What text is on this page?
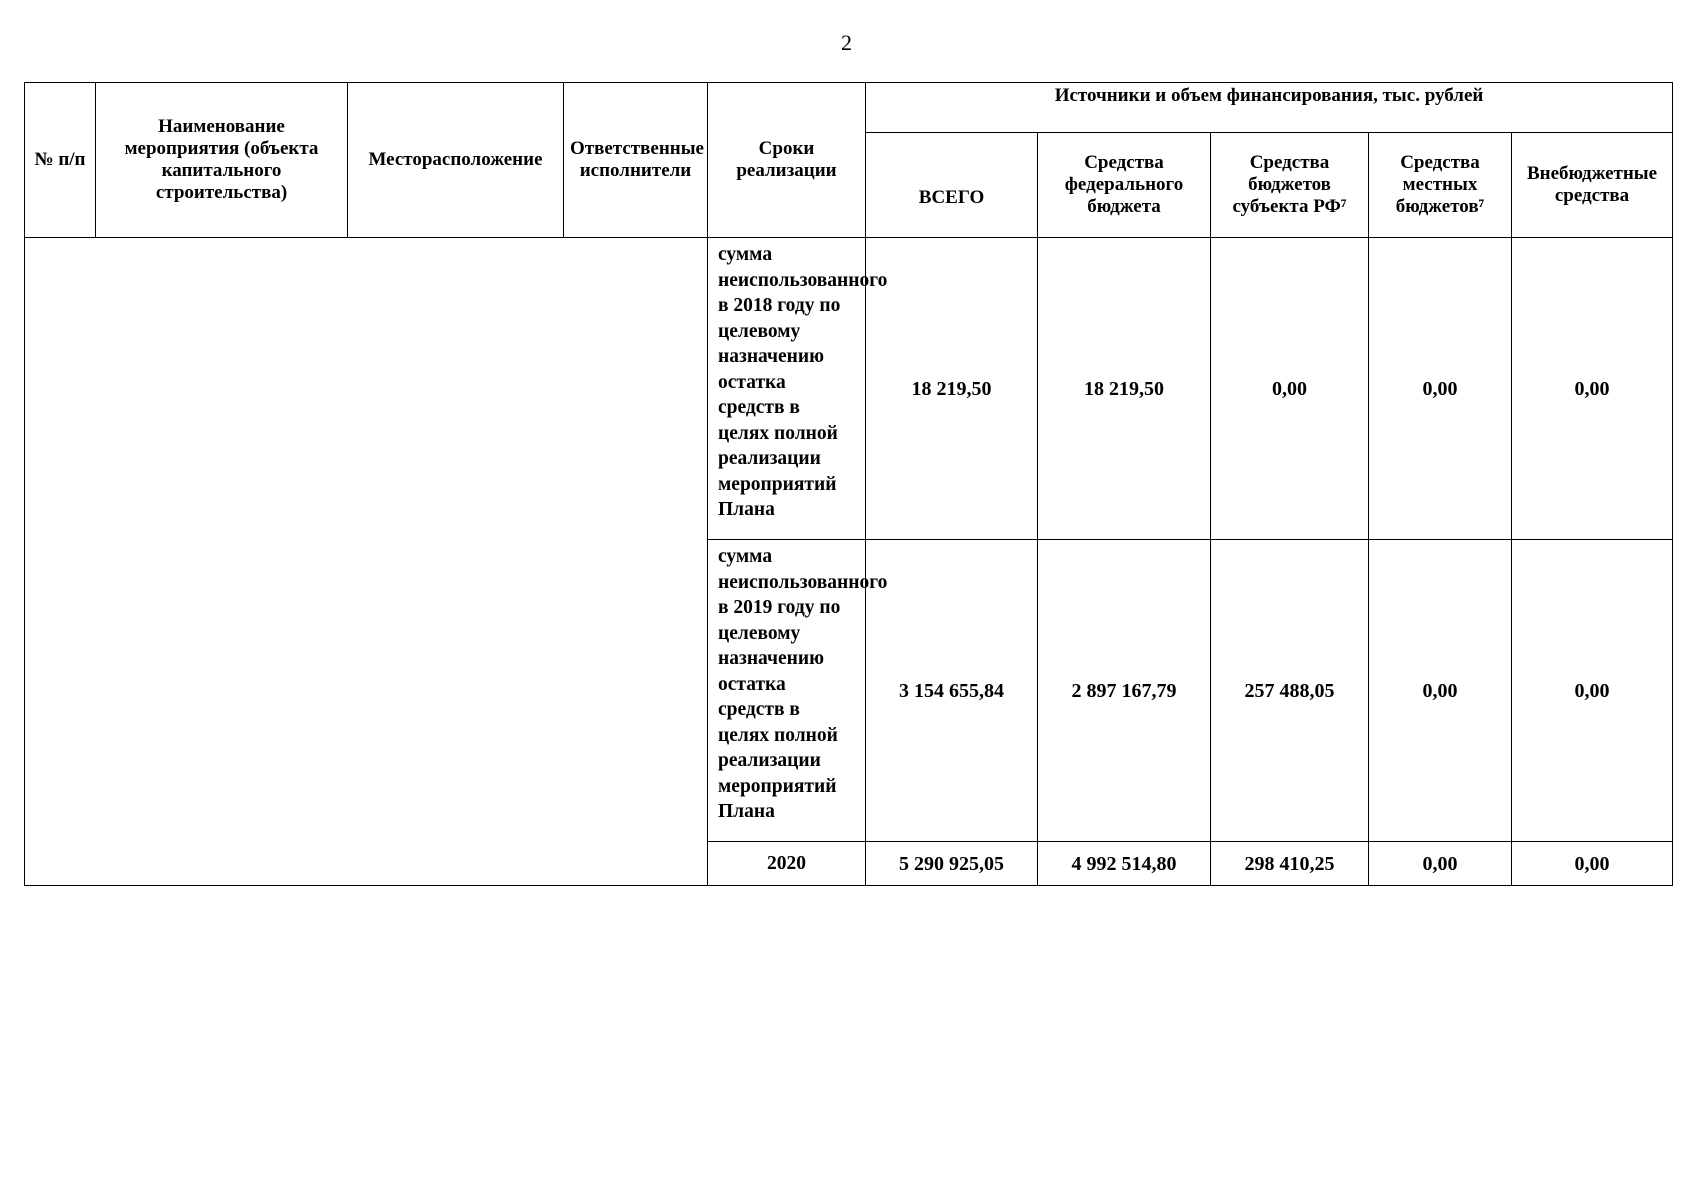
2
№ п/п	Наименование мероприятия (объекта капитального строительства)	Месторасположение	Ответственные исполнители	Сроки реализации	Источники и объем финансирования, тыс. рублей				
					ВСЕГО	Средства федерального бюджета	Средства бюджетов субъекта РФ⁷	Средства местных бюджетов⁷	Внебюджетные средства
				сумма неиспользованного в 2018 году по целевому назначению остатка средств в целях полной реализации мероприятий Плана	18 219,50	18 219,50	0,00	0,00	0,00
				сумма неиспользованного в 2019 году по целевому назначению остатка средств в целях полной реализации мероприятий Плана	3 154 655,84	2 897 167,79	257 488,05	0,00	0,00
				2020	5 290 925,05	4 992 514,80	298 410,25	0,00	0,00
